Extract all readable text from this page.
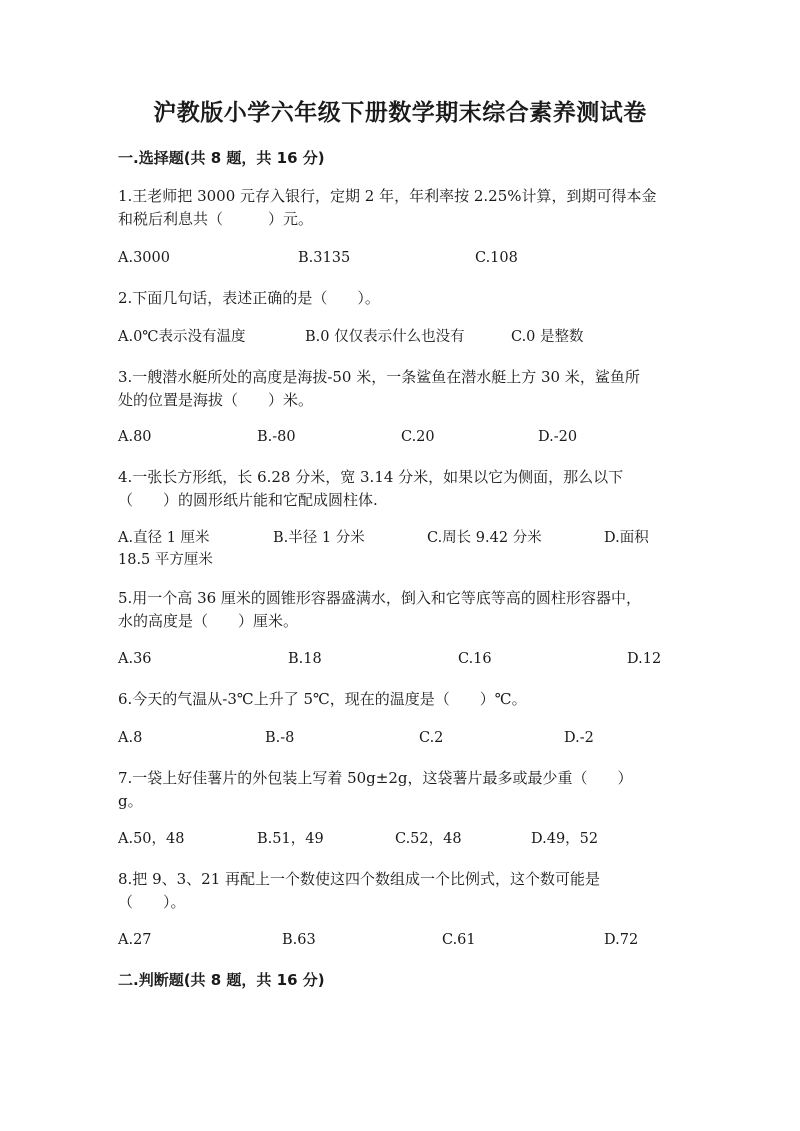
沪教版小学六年级下册数学期末综合素养测试卷
一.选择题(共 8 题，共 16 分)
1.王老师把 3000 元存入银行，定期 2 年，年利率按 2.25%计算，到期可得本金
和税后利息共（　　　）元。
A.3000	B.3135	C.108
2.下面几句话，表述正确的是（　　）。
A.0℃表示没有温度	B.0 仅仅表示什么也没有	C.0 是整数
3.一艘潜水艇所处的高度是海拔-50 米，一条鲨鱼在潜水艇上方 30 米，鲨鱼所
处的位置是海拔（　　）米。
A.80	B.-80	C.20	D.-20
4.一张长方形纸，长 6.28 分米，宽 3.14 分米，如果以它为侧面，那么以下
（　　）的圆形纸片能和它配成圆柱体.
A.直径 1 厘米	B.半径 1 分米	C.周长 9.42 分米	D.面积
18.5 平方厘米
5.用一个高 36 厘米的圆锥形容器盛满水，倒入和它等底等高的圆柱形容器中，
水的高度是（　　）厘米。
A.36	B.18	C.16	D.12
6.今天的气温从-3℃上升了 5℃，现在的温度是（　　）℃。
A.8	B.-8	C.2	D.-2
7.一袋上好佳薯片的外包装上写着 50g±2g，这袋薯片最多或最少重（　　）
g。
A.50，48	B.51，49	C.52，48	D.49，52
8.把 9、3、21 再配上一个数使这四个数组成一个比例式，这个数可能是
（　　）。
A.27	B.63	C.61	D.72
二.判断题(共 8 题，共 16 分)
